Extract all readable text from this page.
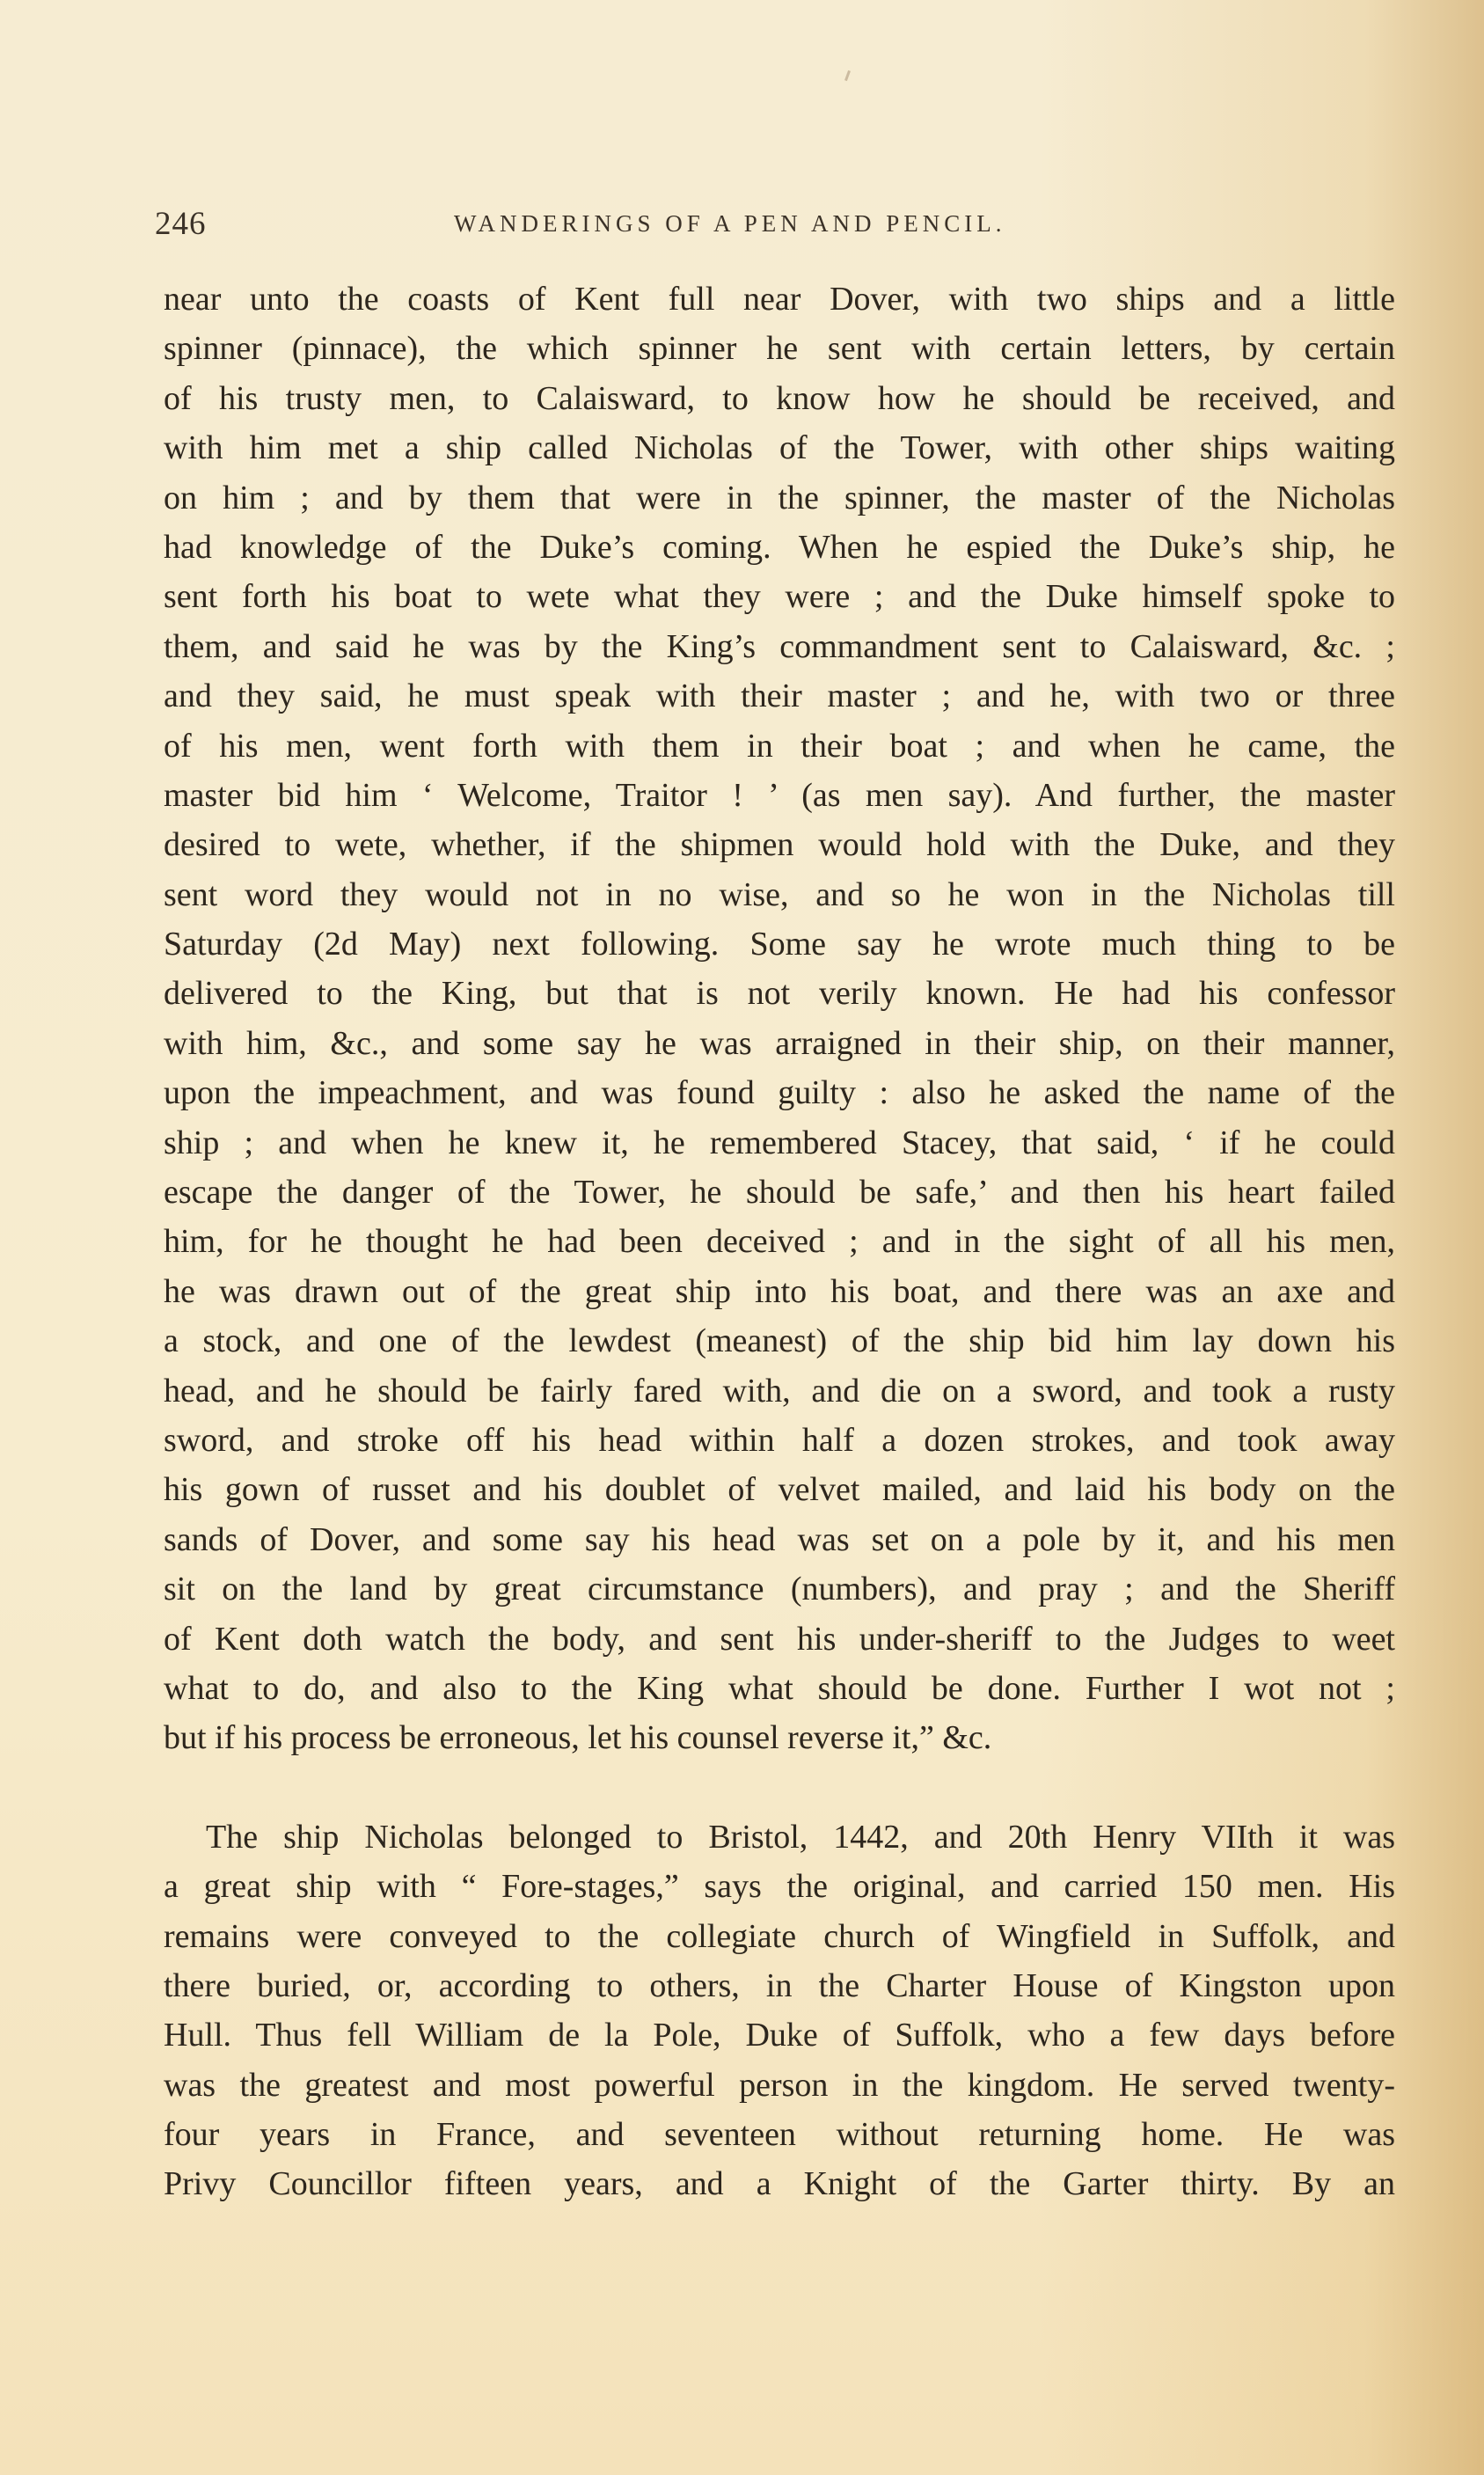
246	WANDERINGS OF A PEN AND PENCIL.
near unto the coasts of Kent full near Dover, with two ships and a little
spinner (pinnace), the which spinner he sent with certain letters, by certain
of his trusty men, to Calaisward, to know how he should be received, and
with him met a ship called Nicholas of the Tower, with other ships waiting
on him ; and by them that were in the spinner, the master of the Nicholas
had knowledge of the Duke’s coming. When he espied the Duke’s ship, he
sent forth his boat to wete what they were ; and the Duke himself spoke to
them, and said he was by the King’s commandment sent to Calaisward, &c. ;
and they said, he must speak with their master ; and he, with two or three
of his men, went forth with them in their boat ; and when he came, the
master bid him ‘ Welcome, Traitor ! ’ (as men say). And further, the master
desired to wete, whether, if the shipmen would hold with the Duke, and they
sent word they would not in no wise, and so he won in the Nicholas till
Saturday (2d May) next following. Some say he wrote much thing to be
delivered to the King, but that is not verily known. He had his confessor
with him, &c., and some say he was arraigned in their ship, on their manner,
upon the impeachment, and was found guilty : also he asked the name of the
ship ; and when he knew it, he remembered Stacey, that said, ‘ if he could
escape the danger of the Tower, he should be safe,’ and then his heart failed
him, for he thought he had been deceived ; and in the sight of all his men,
he was drawn out of the great ship into his boat, and there was an axe and
a stock, and one of the lewdest (meanest) of the ship bid him lay down his
head, and he should be fairly fared with, and die on a sword, and took a rusty
sword, and stroke off his head within half a dozen strokes, and took away
his gown of russet and his doublet of velvet mailed, and laid his body on the
sands of Dover, and some say his head was set on a pole by it, and his men
sit on the land by great circumstance (numbers), and pray ; and the Sheriff
of Kent doth watch the body, and sent his under-sheriff to the Judges to weet
what to do, and also to the King what should be done. Further I wot not ;
but if his process be erroneous, let his counsel reverse it,” &c.
The ship Nicholas belonged to Bristol, 1442, and 20th Henry VIIth it was
a great ship with “ Fore-stages,” says the original, and carried 150 men. His
remains were conveyed to the collegiate church of Wingfield in Suffolk, and
there buried, or, according to others, in the Charter House of Kingston upon
Hull. Thus fell William de la Pole, Duke of Suffolk, who a few days before
was the greatest and most powerful person in the kingdom. He served twenty-
four years in France, and seventeen without returning home. He was
Privy Councillor fifteen years, and a Knight of the Garter thirty. By an
